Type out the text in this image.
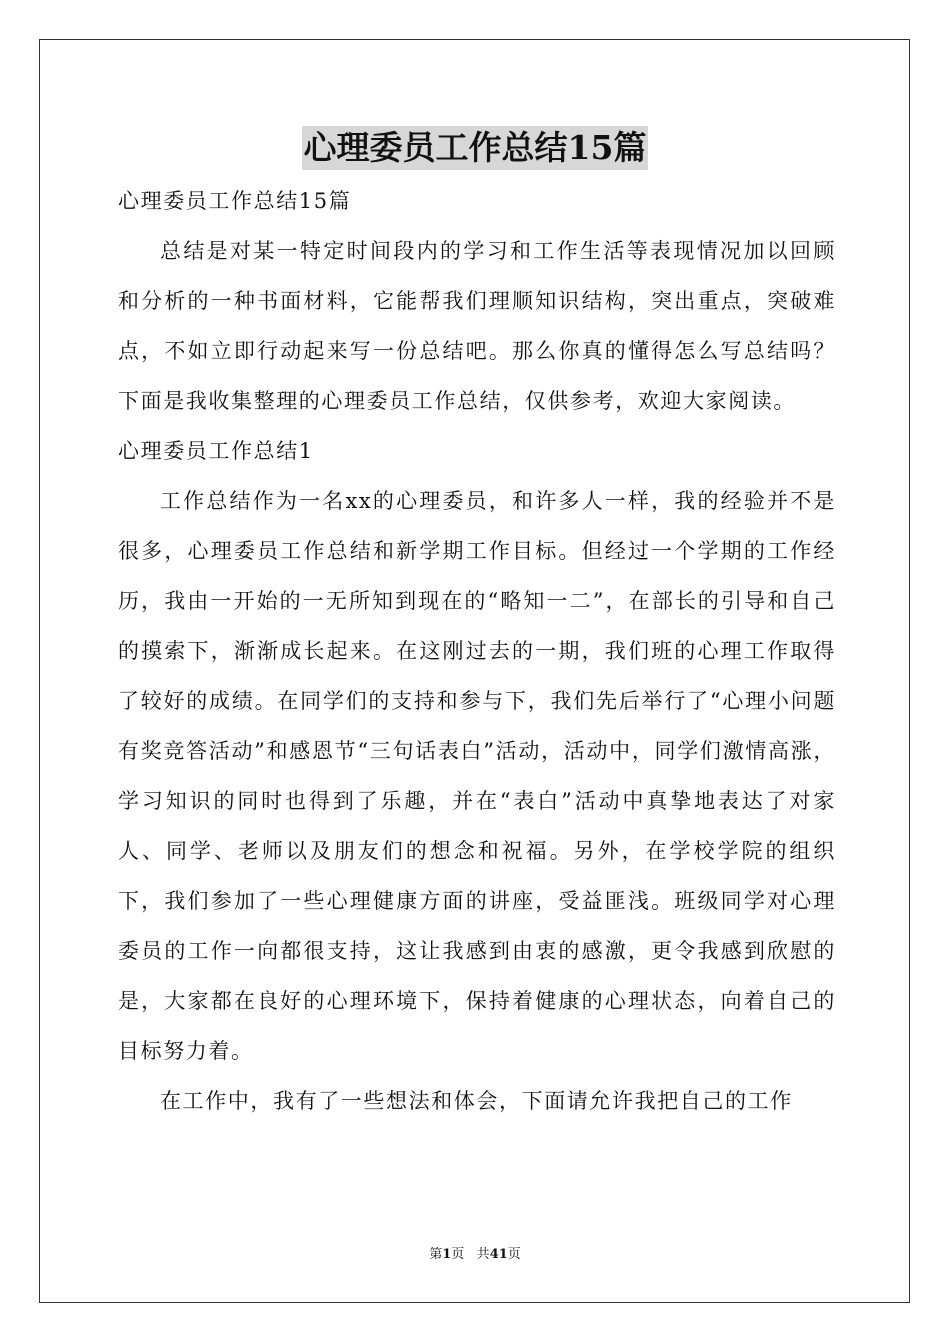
心理委员工作总结15篇

心理委员工作总结15篇

总结是对某一特定时间段内的学习和工作生活等表现情况加以回顾和分析的一种书面材料，它能帮我们理顺知识结构，突出重点，突破难点，不如立即行动起来写一份总结吧。那么你真的懂得怎么写总结吗？下面是我收集整理的心理委员工作总结，仅供参考，欢迎大家阅读。

心理委员工作总结1

工作总结作为一名xx的心理委员，和许多人一样，我的经验并不是很多，心理委员工作总结和新学期工作目标。但经过一个学期的工作经历，我由一开始的一无所知到现在的“略知一二”，在部长的引导和自己的摸索下，渐渐成长起来。在这刚过去的一期，我们班的心理工作取得了较好的成绩。在同学们的支持和参与下，我们先后举行了“心理小问题有奖竞答活动”和感恩节“三句话表白”活动，活动中，同学们激情高涨，学习知识的同时也得到了乐趣，并在“表白”活动中真挚地表达了对家人、同学、老师以及朋友们的想念和祝福。另外，在学校学院的组织下，我们参加了一些心理健康方面的讲座，受益匪浅。班级同学对心理委员的工作一向都很支持，这让我感到由衷的感激，更令我感到欣慰的是，大家都在良好的心理环境下，保持着健康的心理状态，向着自己的目标努力着。

在工作中，我有了一些想法和体会，下面请允许我把自己的工作

第1页 共41页
